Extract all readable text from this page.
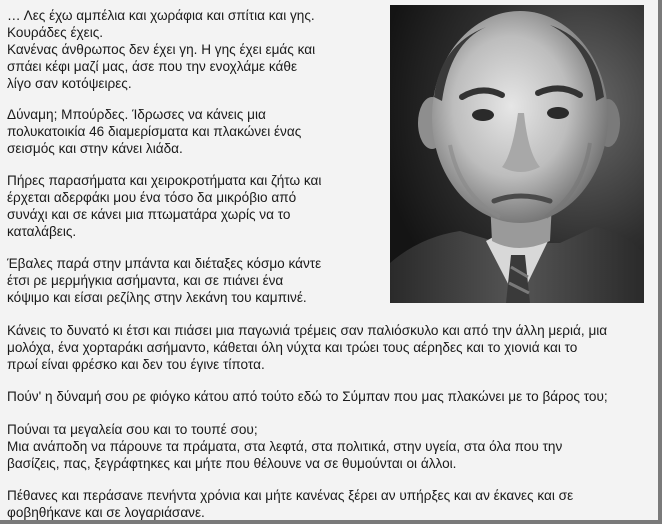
… Λες έχω αμπέλια και χωράφια και σπίτια και γης.
Κουράδες έχεις.
Κανένας άνθρωπος δεν έχει γη. Η γης έχει εμάς και
σπάει κέφι μαζί μας, άσε που την ενοχλάμε κάθε
λίγο σαν κοτόψειρες.
Δύναμη; Μπούρδες. Ίδρωσες να κάνεις μια
πολυκατοικία 46 διαμερίσματα και πλακώνει ένας
σεισμός και στην κάνει λιάδα.
Πήρες παρασήματα και χειροκροτήματα και ζήτω και
έρχεται αδερφάκι μου ένα τόσο δα μικρόβιο από
συνάχι και σε κάνει μια πτωματάρα χωρίς να το
καταλάβεις.
Έβαλες παρά στην μπάντα και διέταξες κόσμο κάντε
έτσι ρε μερμήγκια ασήμαντα, και σε πιάνει ένα
κόψιμο και είσαι ρεζίλης στην λεκάνη του καμπινέ.
Κάνεις το δυνατό κι έτσι και πιάσει μια παγωνιά τρέμεις σαν παλιόσκυλο και από την άλλη μεριά, μια
μολόχα, ένα χορταράκι ασήμαντο, κάθεται όλη νύχτα και τρώει τους αέρηδες και το χιονιά και το
πρωί είναι φρέσκο και δεν του έγινε τίποτα.
Πούν' η δύναμή σου ρε φιόγκο κάτου από τούτο εδώ το Σύμπαν που μας πλακώνει με το βάρος του;
Πούναι τα μεγαλεία σου και το τουπέ σου;
Μια ανάποδη να πάρουνε τα πράματα, στα λεφτά, στα πολιτικά, στην υγεία, στα όλα που την
βασίζεις, πας, ξεγράφτηκες και μήτε που θέλουνε να σε θυμούνται οι άλλοι.
Πέθανες και περάσανε πενήντα χρόνια και μήτε κανένας ξέρει αν υπήρξες και αν έκανες και σε
φοβηθήκανε και σε λογαριάσανε.
